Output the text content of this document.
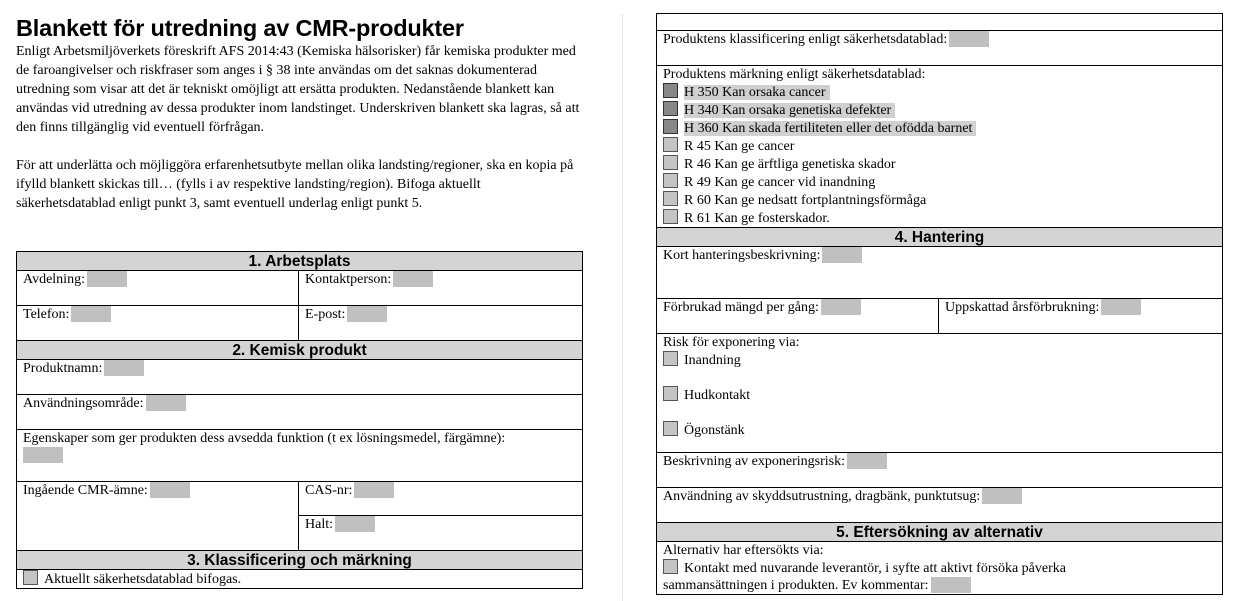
Blankett för utredning av CMR-produkter

Enligt Arbetsmiljöverkets föreskrift AFS 2014:43 (Kemiska hälsorisker) får kemiska produkter med de faroangivelser och riskfraser som anges i § 38 inte användas om det saknas dokumenterad utredning som visar att det är tekniskt omöjligt att ersätta produkten. Nedanstående blankett kan användas vid utredning av dessa produkter inom landstinget. Underskriven blankett ska lagras, så att den finns tillgänglig vid eventuell förfrågan.

För att underlätta och möjliggöra erfarenhetsutbyte mellan olika landsting/regioner, ska en kopia på ifylld blankett skickas till… (fylls i av respektive landsting/region). Bifoga aktuellt säkerhetsdatablad enligt punkt 3, samt eventuell underlag enligt punkt 5.

1. Arbetsplats	
Avdelning:	Kontaktperson:
Telefon:	E-post:
2. Kemisk produkt	
Produktnamn:	
Användningsområde:	
Egenskaper som ger produkten dess avsedda funktion (t ex lösningsmedel, färgämne):	

Ingående CMR-ämne:	CAS-nr:
	Halt:
3. Klassificering och märkning	
Aktuellt säkerhetsdatablad bifogas.	

Produktens klassificering enligt säkerhetsdatablad:

Produktens märkning enligt säkerhetsdatablad:
H 350 Kan orsaka cancer
H 340 Kan orsaka genetiska defekter
H 360 Kan skada fertiliteten eller det ofödda barnet
R 45 Kan ge cancer
R 46 Kan ge ärftliga genetiska skador
R 49 Kan ge cancer vid inandning
R 60 Kan ge nedsatt fortplantningsförmåga
R 61 Kan ge fosterskador.

4. Hantering
Kort hanteringsbeskrivning:
Förbrukad mängd per gång:	Uppskattad årsförbrukning:

Risk för exponering via:
Inandning
Hudkontakt
Ögonstänk

Beskrivning av exponeringsrisk:
Användning av skyddsutrustning, dragbänk, punktutsug:
5. Eftersökning av alternativ

Alternativ har eftersökts via:
Kontakt med nuvarande leverantör, i syfte att aktivt försöka påverka
sammansättningen i produkten. Ev kommentar:
